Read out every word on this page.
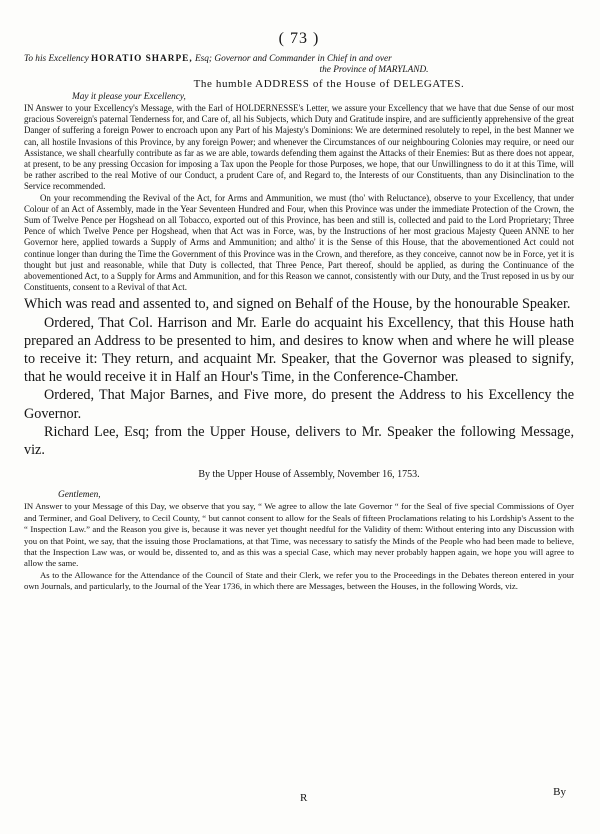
( 73 )
To his Excellency HORATIO SHARPE, Esq; Governor and Commander in Chief in and over
the Province of MARYLAND.
The humble ADDRESS of the House of DELEGATES.
May it please your Excellency,

IN Answer to your Excellency's Message, with the Earl of HOLDERNESSE's Letter, we assure your Excellency that we have that due Sense of our most gracious Sovereign's paternal Tenderness for, and Care of, all his Subjects, which Duty and Gratitude inspire, and are sufficiently apprehensive of the great Danger of suffering a foreign Power to encroach upon any Part of his Majesty's Dominions: We are determined resolutely to repel, in the best Manner we can, all hostile Invasions of this Province, by any foreign Power; and whenever the Circumstances of our neighbouring Colonies may require, or need our Assistance, we shall chearfully contribute as far as we are able, towards defending them against the Attacks of their Enemies: But as there does not appear, at present, to be any pressing Occasion for imposing a Tax upon the People for those Purposes, we hope, that our Unwillingness to do it at this Time, will be rather ascribed to the real Motive of our Conduct, a prudent Care of, and Regard to, the Interests of our Constituents, than any Disinclination to the Service recommended.

On your recommending the Revival of the Act, for Arms and Ammunition, we must (tho' with Reluctance), observe to your Excellency, that under Colour of an Act of Assembly, made in the Year Seventeen Hundred and Four, when this Province was under the immediate Protection of the Crown, the Sum of Twelve Pence per Hogshead on all Tobacco, exported out of this Province, has been and still is, collected and paid to the Lord Proprietary; Three Pence of which Twelve Pence per Hogshead, when that Act was in Force, was, by the Instructions of her most gracious Majesty Queen ANNE to her Governor here, applied towards a Supply of Arms and Ammunition; and altho' it is the Sense of this House, that the abovementioned Act could not continue longer than during the Time the Government of this Province was in the Crown, and therefore, as they conceive, cannot now be in Force, yet it is thought but just and reasonable, while that Duty is collected, that Three Pence, Part thereof, should be applied, as during the Continuance of the abovementioned Act, to a Supply for Arms and Ammunition, and for this Reason we cannot, consistently with our Duty, and the Trust reposed in us by our Constituents, consent to a Revival of that Act.

Which was read and assented to, and signed on Behalf of the House, by the honourable Speaker.

Ordered, That Col. Harrison and Mr. Earle do acquaint his Excellency, that this House hath prepared an Address to be presented to him, and desires to know when and where he will please to receive it: They return, and acquaint Mr. Speaker, that the Governor was pleased to signify, that he would receive it in Half an Hour's Time, in the Conference-Chamber.

Ordered, That Major Barnes, and Five more, do present the Address to his Excellency the Governor.

Richard Lee, Esq; from the Upper House, delivers to Mr. Speaker the following Message, viz.

By the Upper House of Assembly, November 16, 1753.
Gentlemen,

IN Answer to your Message of this Day, we observe that you say, “ We agree to allow the late Governor “ for the Seal of five special Commissions of Oyer and Terminer, and Goal Delivery, to Cecil County, “ but cannot consent to allow for the Seals of fifteen Proclamations relating to his Lordship's Assent to the “ Inspection Law.” and the Reason you give is, because it was never yet thought needful for the Validity of them: Without entering into any Discussion with you on that Point, we say, that the issuing those Proclamations, at that Time, was necessary to satisfy the Minds of the People who had been made to believe, that the Inspection Law was, or would be, dissented to, and as this was a special Case, which may never probably happen again, we hope you will agree to allow the same.

As to the Allowance for the Attendance of the Council of State and their Clerk, we refer you to the Proceedings in the Debates thereon entered in your own Journals, and particularly, to the Journal of the Year 1736, in which there are Messages, between the Houses, in the following Words, viz.

R	By
